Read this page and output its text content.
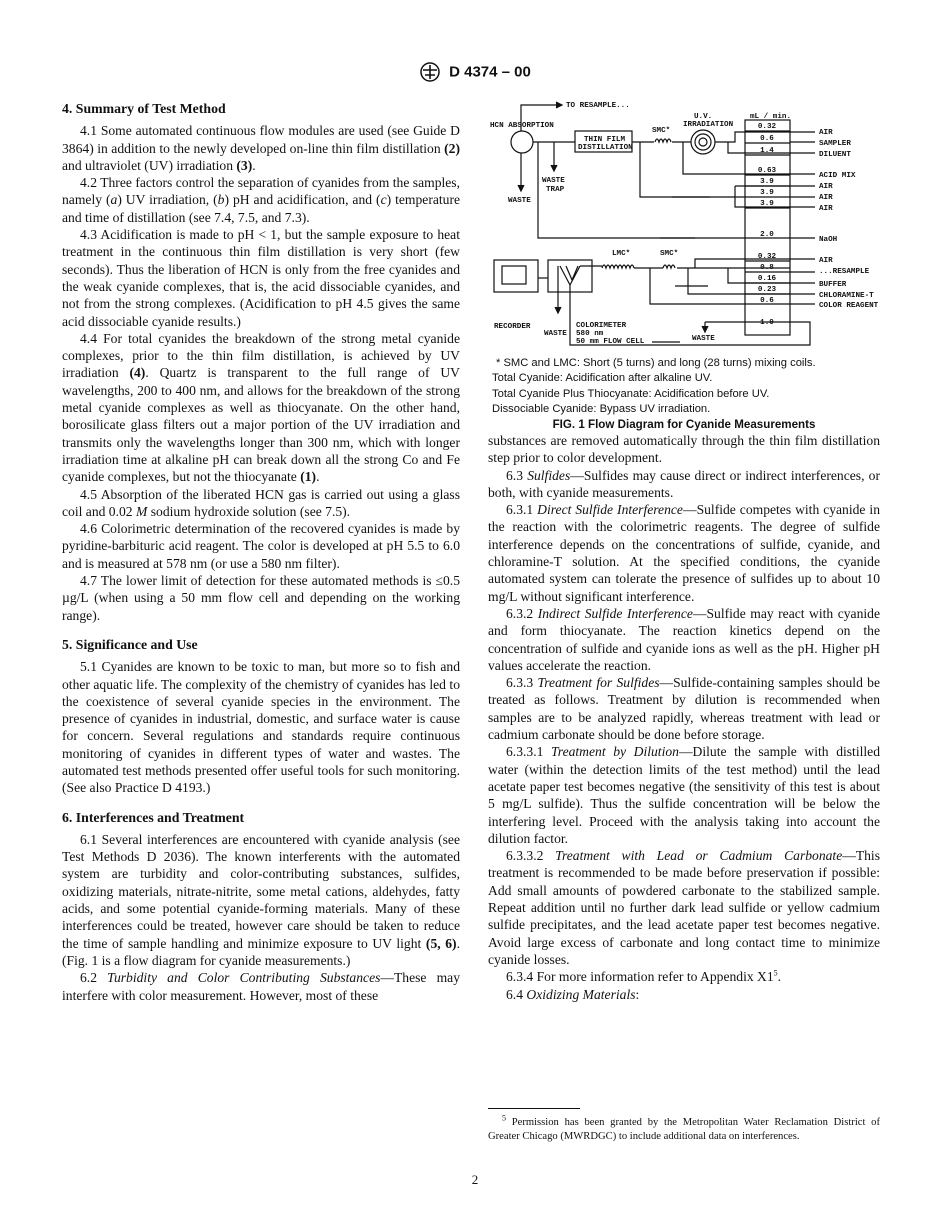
D 4374 – 00
4. Summary of Test Method

4.1 Some automated continuous flow modules are used (see Guide D 3864) in addition to the newly developed on-line thin film distillation (2) and ultraviolet (UV) irradiation (3).

4.2 Three factors control the separation of cyanides from the samples, namely (a) UV irradiation, (b) pH and acidification, and (c) temperature and time of distillation (see 7.4, 7.5, and 7.3).

4.3 Acidification is made to pH < 1, but the sample exposure to heat treatment in the continuous thin film distillation is very short (few seconds). Thus the liberation of HCN is only from the free cyanides and the weak cyanide complexes, that is, the acid dissociable cyanides, and not from the strong complexes. (Acidification to pH 4.5 gives the same acid dissociable cyanide results.)

4.4 For total cyanides the breakdown of the strong metal cyanide complexes, prior to the thin film distillation, is achieved by UV irradiation (4). Quartz is transparent to the full range of UV wavelengths, 200 to 400 nm, and allows for the breakdown of the strong metal cyanide complexes as well as thiocyanate. On the other hand, borosilicate glass filters out a major portion of the UV irradiation and transmits only the wavelengths longer than 300 nm, which with longer irradiation time at alkaline pH can break down all the strong Co and Fe cyanide complexes, but not the thiocyanate (1).

4.5 Absorption of the liberated HCN gas is carried out using a glass coil and 0.02 M sodium hydroxide solution (see 7.5).

4.6 Colorimetric determination of the recovered cyanides is made by pyridine-barbituric acid reagent. The color is developed at pH 5.5 to 6.0 and is measured at 578 nm (or use a 580 nm filter).

4.7 The lower limit of detection for these automated methods is ≤0.5 µg/L (when using a 50 mm flow cell and depending on the working range).

5. Significance and Use

5.1 Cyanides are known to be toxic to man, but more so to fish and other aquatic life. The complexity of the chemistry of cyanides has led to the coexistence of several cyanide species in the environment. The presence of cyanides in industrial, domestic, and surface water is cause for concern. Several regulations and standards require continuous monitoring of cyanides in different types of water and wastes. The automated test methods presented offer useful tools for such monitoring. (See also Practice D 4193.)

6. Interferences and Treatment

6.1 Several interferences are encountered with cyanide analysis (see Test Methods D 2036). The known interferents with the automated system are turbidity and color-contributing substances, sulfides, oxidizing materials, nitrate-nitrite, some metal cations, aldehydes, fatty acids, and some potential cyanide-forming materials. Many of these interferences could be treated, however care should be taken to reduce the time of sample handling and minimize exposure to UV light (5, 6). (Fig. 1 is a flow diagram for cyanide measurements.)

6.2 Turbidity and Color Contributing Substances—These may interfere with color measurement. However, most of these

substances are removed automatically through the thin film distillation step prior to color development.

6.3 Sulfides—Sulfides may cause direct or indirect interferences, or both, with cyanide measurements.

6.3.1 Direct Sulfide Interference—Sulfide competes with cyanide in the reaction with the colorimetric reagents. The degree of sulfide interference depends on the concentrations of sulfide, cyanide, and chloramine-T solution. At the specified conditions, the cyanide automated system can tolerate the presence of sulfides up to about 10 mg/L without significant interference.

6.3.2 Indirect Sulfide Interference—Sulfide may react with cyanide and form thiocyanate. The reaction kinetics depend on the concentration of sulfide and cyanide ions as well as the pH. Higher pH values accelerate the reaction.

6.3.3 Treatment for Sulfides—Sulfide-containing samples should be treated as follows. Treatment by dilution is recommended when samples are to be analyzed rapidly, whereas treatment with lead or cadmium carbonate should be done before storage.

6.3.3.1 Treatment by Dilution—Dilute the sample with distilled water (within the detection limits of the test method) until the lead acetate paper test becomes negative (the sensitivity of this test is about 5 mg/L sulfide). Thus the sulfide concentration will be below the interfering level. Proceed with the analysis taking into account the dilution factor.

6.3.3.2 Treatment with Lead or Cadmium Carbonate—This treatment is recommended to be made before preservation if possible: Add small amounts of powdered carbonate to the stabilized sample. Repeat addition until no further dark lead sulfide or yellow cadmium sulfide precipitates, and the lead acetate paper test becomes negative. Avoid large excess of carbonate and long contact time to minimize cyanide losses.

6.3.4 For more information refer to Appendix $X1^5$.

6.4 Oxidizing Materials:

TO RESAMPLE...
HCN ABSORPTION
THIN FILM
DISTILLATION
SMC*
U.V.
IRRADIATION
mL / min.
WASTE
TRAP
WASTE
LMC*	SMC*
RECORDER
WASTE
COLORIMETER
580 nm
50 mm FLOW CELL	WASTE
0.32
0.6
1.4
0.63
3.9
3.9
3.9
2.0
0.32
0.8
0.16
0.23
0.6
1.0
AIR
SAMPLER
DILUENT
ACID MIX
AIR
AIR
AIR
NaOH
AIR
...RESAMPLE
BUFFER
CHLORAMINE-T
COLOR REAGENT
* SMC and LMC: Short (5 turns) and long (28 turns) mixing coils.
Total Cyanide: Acidification after alkaline UV.
Total Cyanide Plus Thiocyanate: Acidification before UV.
Dissociable Cyanide: Bypass UV irradiation.
FIG. 1 Flow Diagram for Cyanide Measurements
$^5$ Permission has been granted by the Metropolitan Water Reclamation District of Greater Chicago (MWRDGC) to include additional data on interferences.
2
